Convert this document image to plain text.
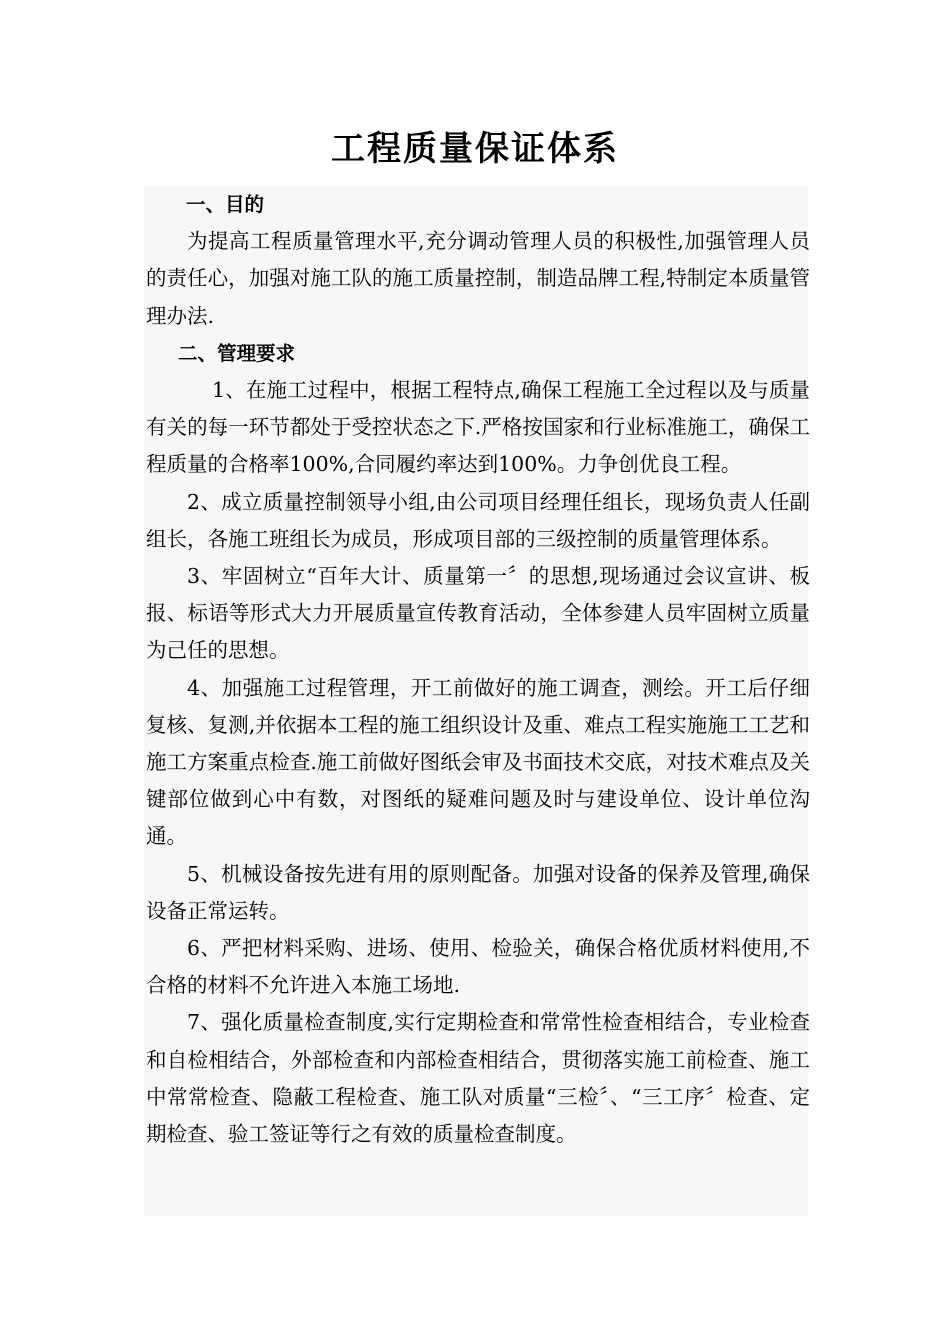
工程质量保证体系

一、目的

为提高工程质量管理水平,充分调动管理人员的积极性,加强管理人员的责任心，加强对施工队的施工质量控制，制造品牌工程,特制定本质量管理办法.

二、管理要求

1、在施工过程中，根据工程特点,确保工程施工全过程以及与质量有关的每一环节都处于受控状态之下.严格按国家和行业标准施工，确保工程质量的合格率100%,合同履约率达到100%。力争创优良工程。

2、成立质量控制领导小组,由公司项目经理任组长，现场负责人任副组长，各施工班组长为成员，形成项目部的三级控制的质量管理体系。

3、牢固树立“百年大计、质量第一〞的思想,现场通过会议宣讲、板报、标语等形式大力开展质量宣传教育活动，全体参建人员牢固树立质量为己任的思想。

4、加强施工过程管理，开工前做好的施工调查，测绘。开工后仔细复核、复测,并依据本工程的施工组织设计及重、难点工程实施施工工艺和施工方案重点检查.施工前做好图纸会审及书面技术交底，对技术难点及关键部位做到心中有数，对图纸的疑难问题及时与建设单位、设计单位沟通。

5、机械设备按先进有用的原则配备。加强对设备的保养及管理,确保设备正常运转。

6、严把材料采购、进场、使用、检验关，确保合格优质材料使用,不合格的材料不允许进入本施工场地.

7、强化质量检查制度,实行定期检查和常常性检查相结合，专业检查和自检相结合，外部检查和内部检查相结合，贯彻落实施工前检查、施工中常常检查、隐蔽工程检查、施工队对质量“三检〞、“三工序〞检查、定期检查、验工签证等行之有效的质量检查制度。
